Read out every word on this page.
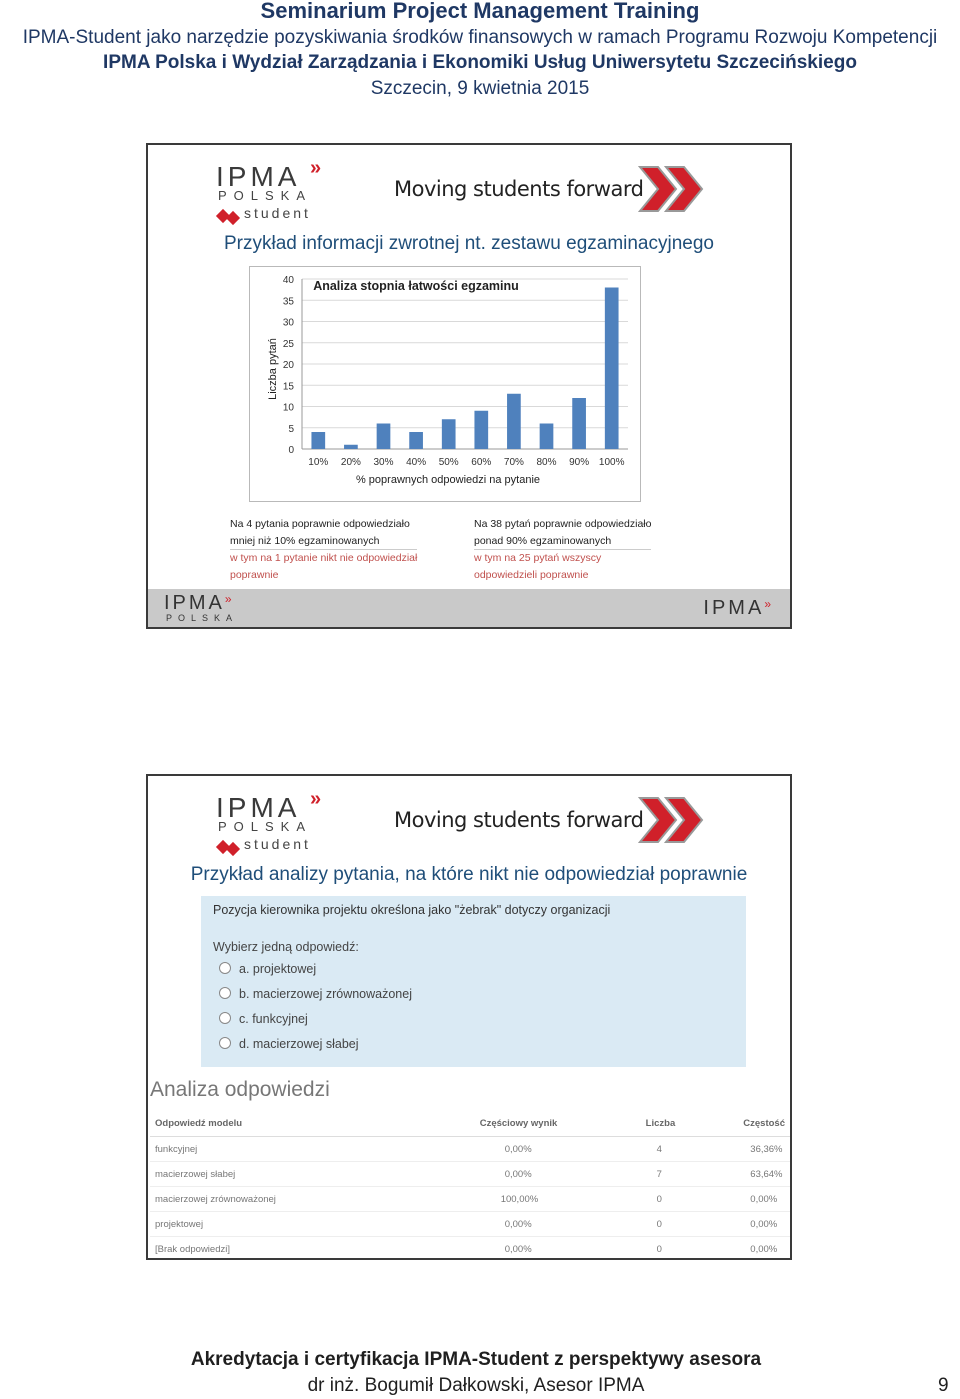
Seminarium Project Management Training
IPMA-Student jako narzędzie pozyskiwania środków finansowych w ramach Programu Rozwoju Kompetencji
IPMA Polska i Wydział Zarządzania i Ekonomiki Usług Uniwersytetu Szczecińskiego
Szczecin, 9 kwietnia 2015
IPMA »
POLSKA
student
Moving students forward
Przykład informacji zwrotnej nt. zestawu egzaminacyjnego
Analiza stopnia łatwości egzaminu
Liczba pytań
% poprawnych odpowiedzi na pytanie
0
5
10
15
20
25
30
35
40
10% 20% 30% 40% 50% 60% 70% 80% 90% 100%
Na 4 pytania poprawnie odpowiedziało
mniej niż 10% egzaminowanych
w tym na 1 pytanie nikt nie odpowiedział
poprawnie
Na 38 pytań poprawnie odpowiedziało
ponad 90% egzaminowanych
w tym na 25 pytań wszyscy
odpowiedzieli poprawnie
IPMA»
POLSKA	IPMA»
IPMA »
POLSKA
student
Moving students forward
Przykład analizy pytania, na które nikt nie odpowiedział poprawnie
Pozycja kierownika projektu określona jako "żebrak" dotyczy organizacji
Wybierz jedną odpowiedź:
a. projektowej
b. macierzowej zrównoważonej
c. funkcyjnej
d. macierzowej słabej
Analiza odpowiedzi
Odpowiedź modelu	Częściowy wynik	Liczba	Częstość
funkcyjnej	0,00%	4	36,36%
macierzowej słabej	0,00%	7	63,64%
macierzowej zrównoważonej	100,00%	0	0,00%
projektowej	0,00%	0	0,00%
[Brak odpowiedzi]	0,00%	0	0,00%
Akredytacja i certyfikacja IPMA-Student z perspektywy asesora
dr inż. Bogumił Dałkowski, Asesor IPMA	9
